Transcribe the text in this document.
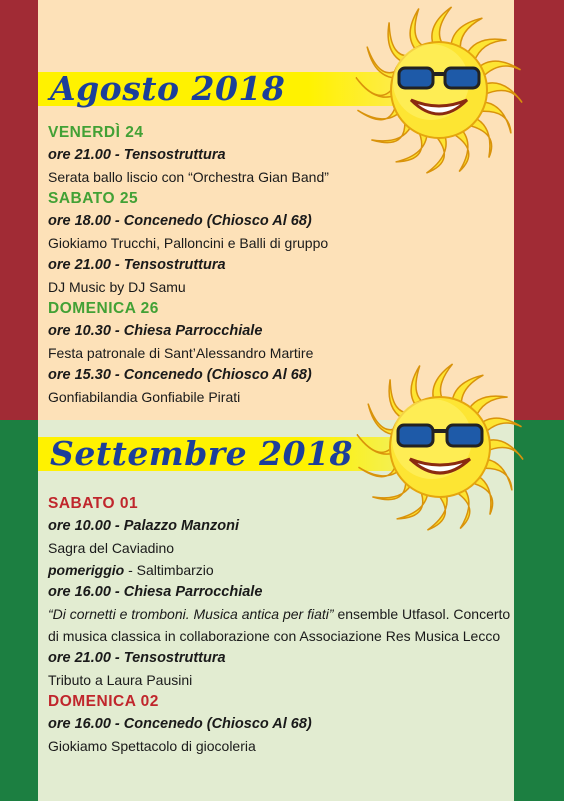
Agosto 2018
VENERDÌ 24
ore 21.00 - Tensostruttura
Serata ballo liscio con “Orchestra Gian Band”
SABATO 25
ore 18.00 - Concenedo (Chiosco Al 68)
Giokiamo Trucchi, Palloncini e Balli di gruppo
ore 21.00 - Tensostruttura
DJ Music by DJ Samu
DOMENICA 26
ore 10.30 - Chiesa Parrocchiale
Festa patronale di Sant’Alessandro Martire
ore 15.30 - Concenedo (Chiosco Al 68)
Gonfiabilandia Gonfiabile Pirati
Settembre 2018
SABATO 01
ore 10.00 - Palazzo Manzoni
Sagra del Caviadino
pomeriggio - Saltimbarzio
ore 16.00 - Chiesa Parrocchiale
“Di cornetti e tromboni. Musica antica per fiati” ensemble Utfasol. Concerto
di musica classica in collaborazione con Associazione Res Musica Lecco
ore 21.00 - Tensostruttura
Tributo a Laura Pausini
DOMENICA 02
ore 16.00 - Concenedo (Chiosco Al 68)
Giokiamo Spettacolo di giocoleria
